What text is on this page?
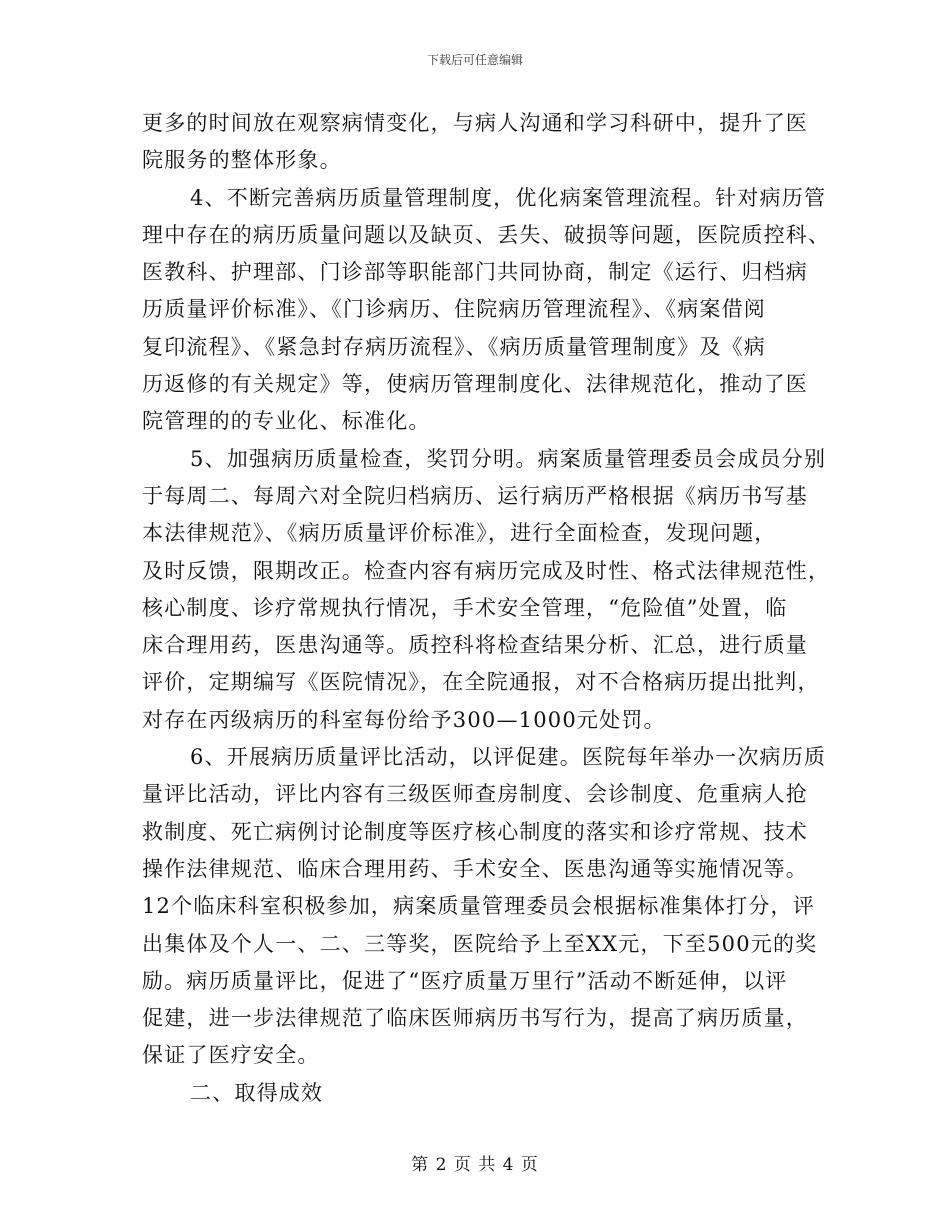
下载后可任意编辑
更多的时间放在观察病情变化，与病人沟通和学习科研中，提升了医
院服务的整体形象。
4、不断完善病历质量管理制度，优化病案管理流程。针对病历管
理中存在的病历质量问题以及缺页、丢失、破损等问题，医院质控科、
医教科、护理部、门诊部等职能部门共同协商，制定《运行、归档病
历质量评价标准》、《门诊病历、住院病历管理流程》、《病案借阅
复印流程》、《紧急封存病历流程》、《病历质量管理制度》及《病
历返修的有关规定》等，使病历管理制度化、法律规范化，推动了医
院管理的的专业化、标准化。
5、加强病历质量检查，奖罚分明。病案质量管理委员会成员分别
于每周二、每周六对全院归档病历、运行病历严格根据《病历书写基
本法律规范》、《病历质量评价标准》，进行全面检查，发现问题，
及时反馈，限期改正。检查内容有病历完成及时性、格式法律规范性，
核心制度、诊疗常规执行情况，手术安全管理，“危险值”处置，临
床合理用药，医患沟通等。质控科将检查结果分析、汇总，进行质量
评价，定期编写《医院情况》，在全院通报，对不合格病历提出批判，
对存在丙级病历的科室每份给予300—1000元处罚。
6、开展病历质量评比活动，以评促建。医院每年举办一次病历质
量评比活动，评比内容有三级医师查房制度、会诊制度、危重病人抢
救制度、死亡病例讨论制度等医疗核心制度的落实和诊疗常规、技术
操作法律规范、临床合理用药、手术安全、医患沟通等实施情况等。
12个临床科室积极参加，病案质量管理委员会根据标准集体打分，评
出集体及个人一、二、三等奖，医院给予上至XX元，下至500元的奖
励。病历质量评比，促进了“医疗质量万里行”活动不断延伸，以评
促建，进一步法律规范了临床医师病历书写行为，提高了病历质量，
保证了医疗安全。
二、取得成效
第 2 页 共 4 页
